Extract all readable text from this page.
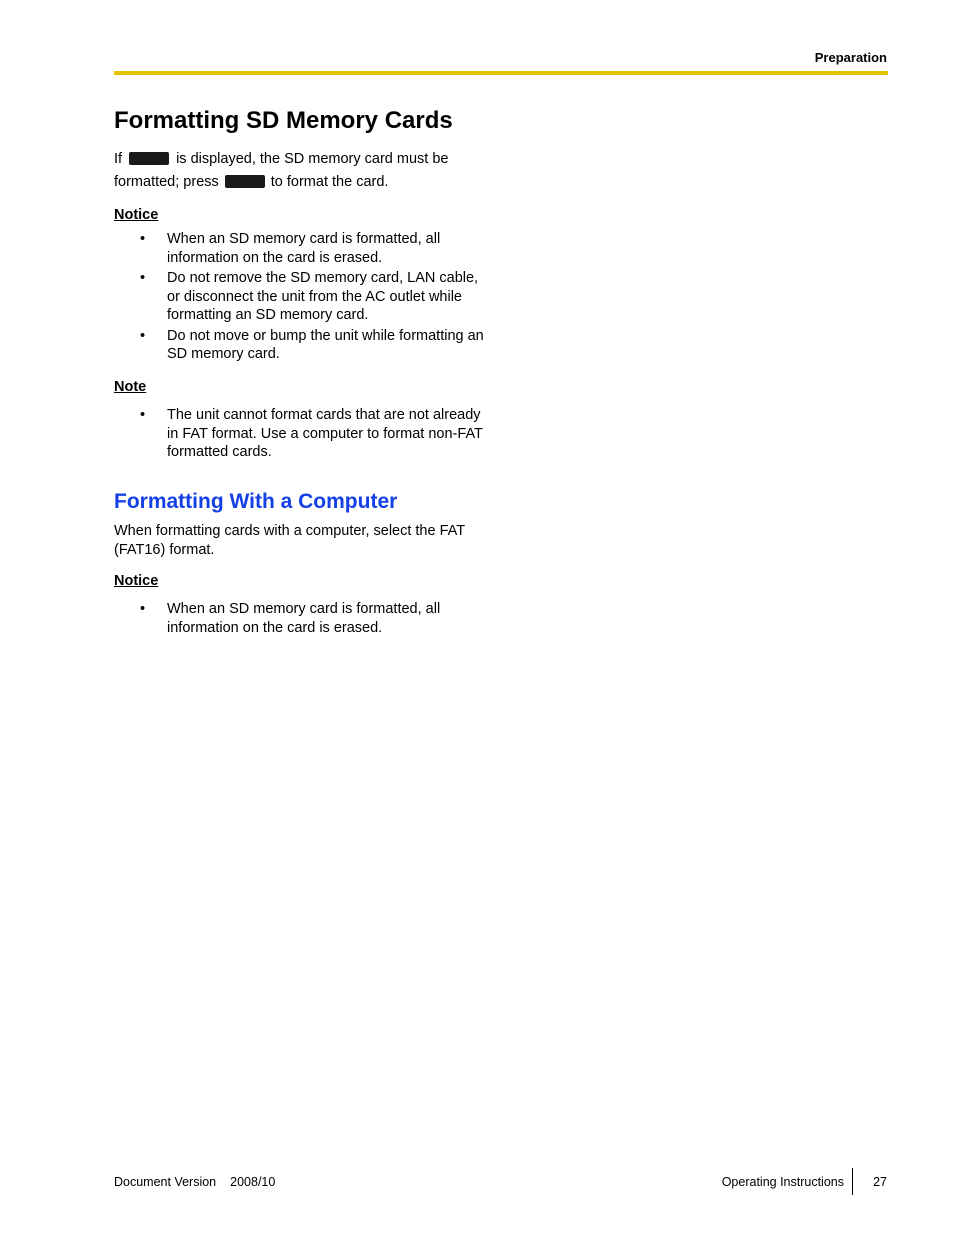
Preparation
Formatting SD Memory Cards

If	is displayed, the SD memory card must be
formatted; press	to format the card.

Notice
• When an SD memory card is formatted, all information on the card is erased.
• Do not remove the SD memory card, LAN cable, or disconnect the unit from the AC outlet while formatting an SD memory card.
• Do not move or bump the unit while formatting an SD memory card.
Note
• The unit cannot format cards that are not already in FAT format. Use a computer to format non-FAT formatted cards.
Formatting With a Computer

When formatting cards with a computer, select the FAT (FAT16) format.

Notice
• When an SD memory card is formatted, all information on the card is erased.
Document Version 2008/10	Operating Instructions 27
